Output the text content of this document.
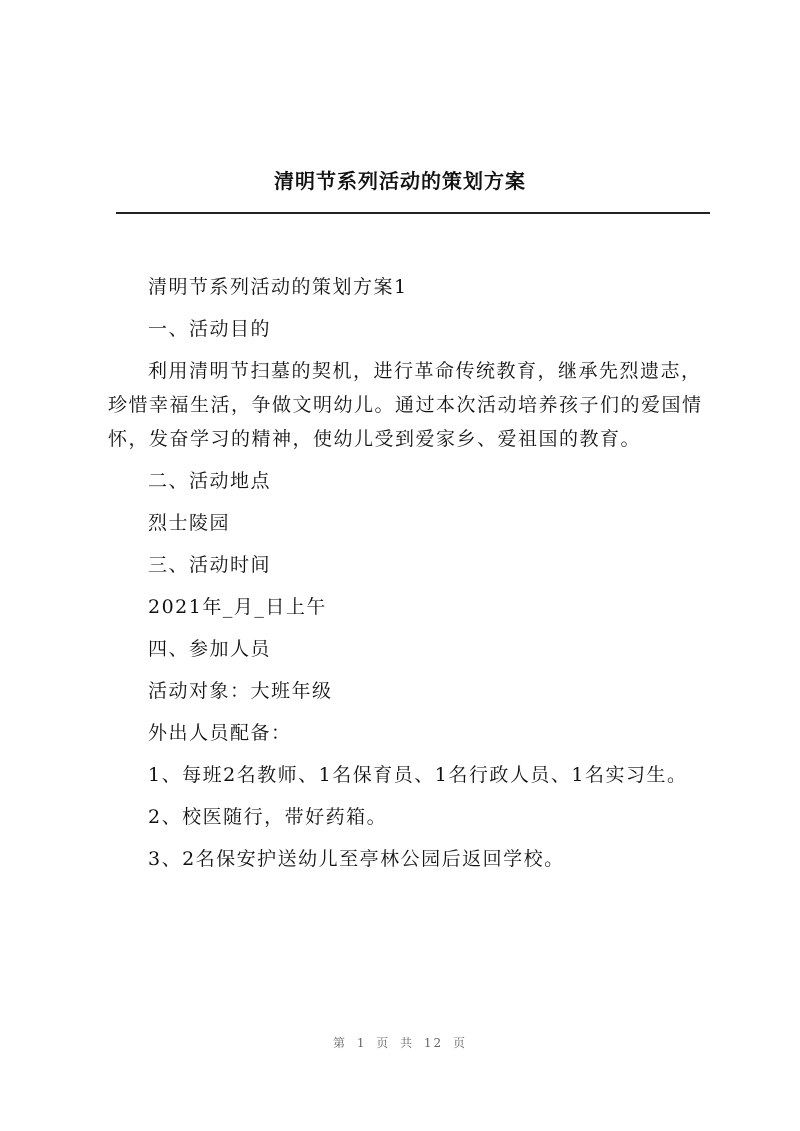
清明节系列活动的策划方案

清明节系列活动的策划方案1

一、活动目的

利用清明节扫墓的契机，进行革命传统教育，继承先烈遗志，珍惜幸福生活，争做文明幼儿。通过本次活动培养孩子们的爱国情怀，发奋学习的精神，使幼儿受到爱家乡、爱祖国的教育。

二、活动地点

烈士陵园

三、活动时间

2021年_月_日上午

四、参加人员

活动对象：大班年级

外出人员配备：

1、每班2名教师、1名保育员、1名行政人员、1名实习生。

2、校医随行，带好药箱。

3、2名保安护送幼儿至亭林公园后返回学校。

第 1 页 共 12 页
